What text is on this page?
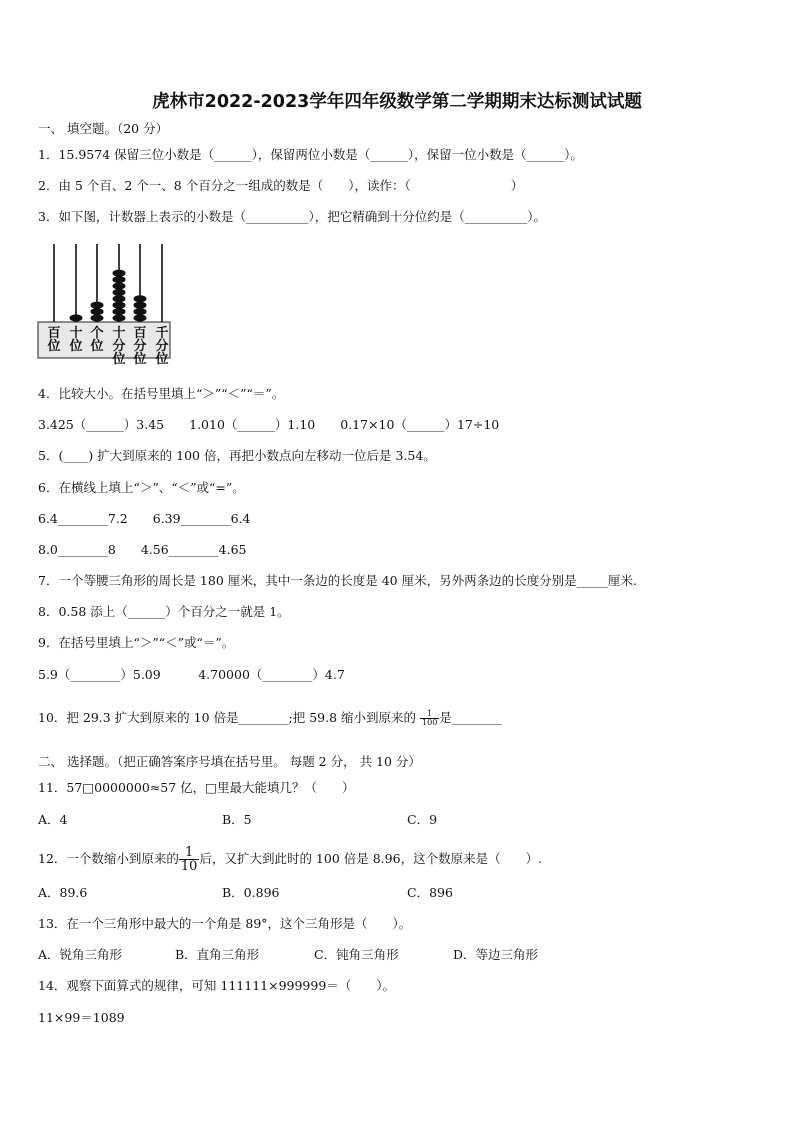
虎林市2022-2023学年四年级数学第二学期期末达标测试试题
一、 填空题。（20 分）
1．15.9574 保留三位小数是（______），保留两位小数是（______），保留一位小数是（______）。
2．由 5 个百、2 个一、8 个百分之一组成的数是（　　），读作：（　　　　　　　　）
3．如下图，计数器上表示的小数是（__________），把它精确到十分位约是（__________）。
百
位
十
位
个
位
十
分
位
百
分
位
千
分
位
4．比较大小。在括号里填上“＞”“＜”“＝”。
3.425（______）3.45　　1.010（______）1.10　　0.17×10（______）17÷10
5．(____) 扩大到原来的 100 倍，再把小数点向左移动一位后是 3.54。
6．在横线上填上“＞”、“＜”或“=”。
6.4________7.2　　6.39________6.4
8.0________8　　4.56________4.65
7．一个等腰三角形的周长是 180 厘米，其中一条边的长度是 40 厘米，另外两条边的长度分别是_____厘米.
8．0.58 添上（______）个百分之一就是 1。
9．在括号里填上“＞”“＜”或“＝”。
5.9（________）5.09　　　4.70000（________）4.7
10．把 29.3 扩大到原来的 10 倍是________;把 59.8 缩小到原来的 $\frac{1}{100}$ 是________
二、 选择题。（把正确答案序号填在括号里。 每题 2 分， 共 10 分）
11．57□0000000≈57 亿，□里最大能填几？（　　）
A．4	B．5	C．9
12．一个数缩小到原来的 $\frac{1}{10}$ 后，又扩大到此时的 100 倍是 8.96，这个数原来是（　　）.
A．89.6	B．0.896	C．896
13．在一个三角形中最大的一个角是 89°，这个三角形是（　　）。
A．锐角三角形	B．直角三角形	C．钝角三角形	D．等边三角形
14．观察下面算式的规律，可知 111111×999999＝（　　）。
11×99＝1089
